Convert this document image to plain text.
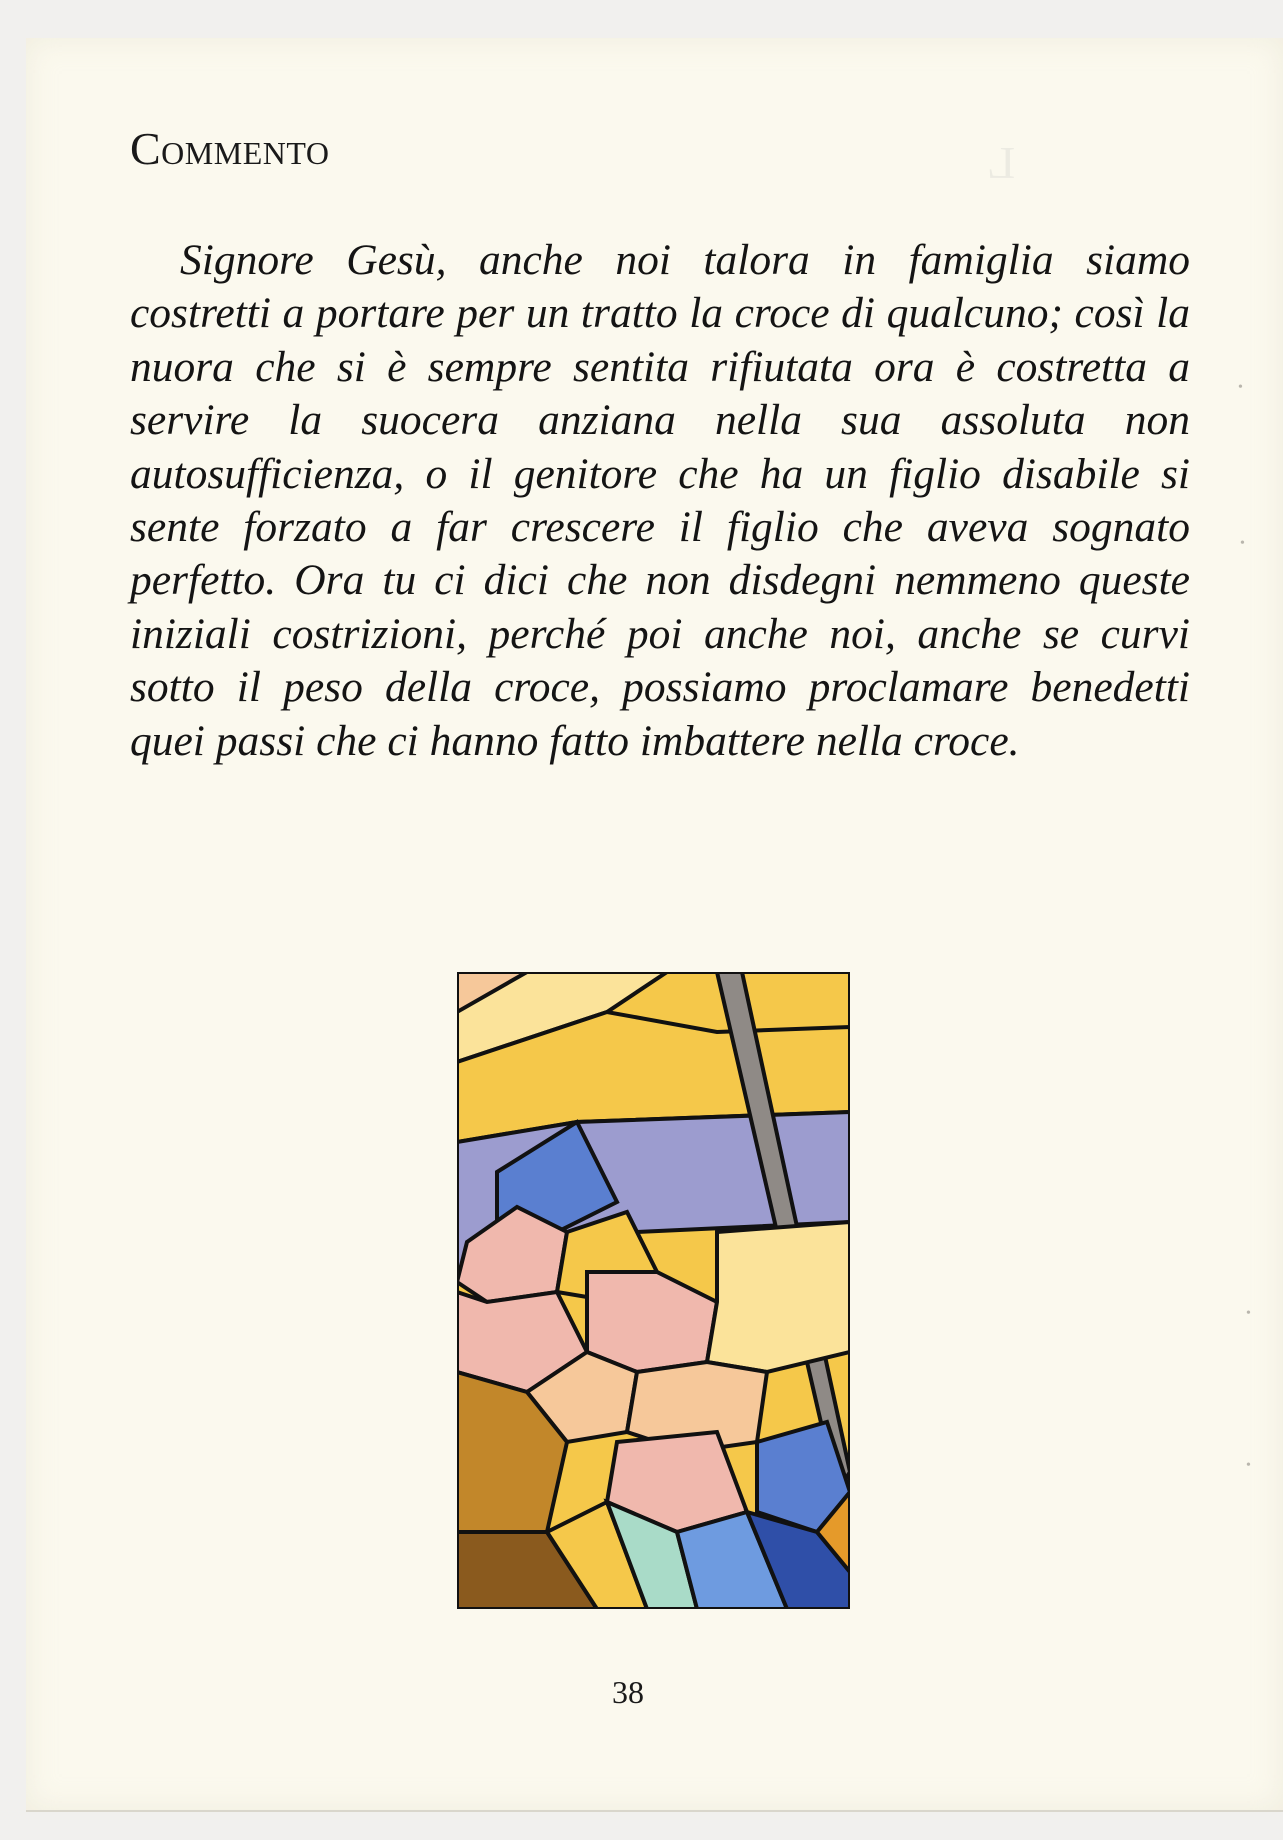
L
Commento

Signore Gesù, anche noi talora in famiglia siamo costretti a portare per un tratto la croce di qualcuno; così la nuora che si è sempre sentita rifiutata ora è costretta a servire la suocera anziana nella sua assoluta non autosufficienza, o il genitore che ha un figlio disabile si sente forzato a far crescere il figlio che aveva sognato perfetto. Ora tu ci dici che non disdegni nemmeno queste iniziali costrizioni, perché poi anche noi, anche se curvi sotto il peso della croce, possiamo proclamare benedetti quei passi che ci hanno fatto imbattere nella croce.

38
•
•
•
•
